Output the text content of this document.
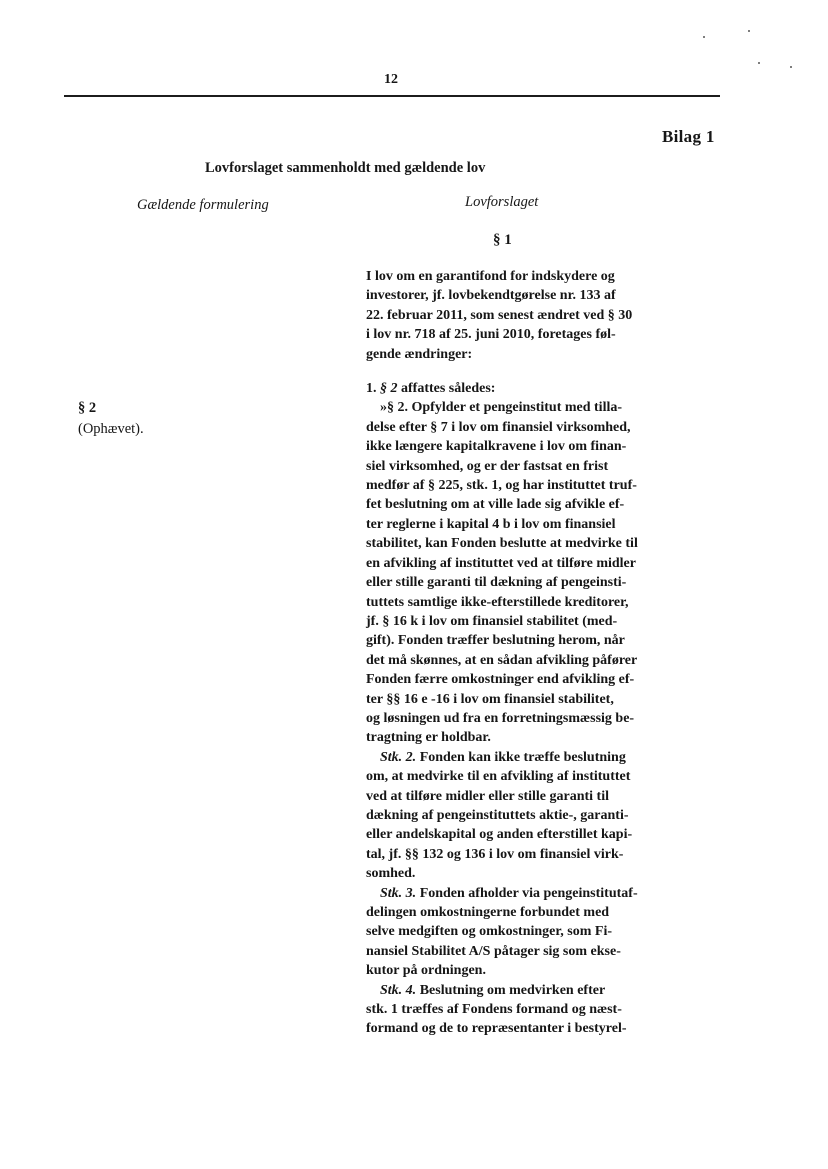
12
Bilag 1
Lovforslaget sammenholdt med gældende lov
Gældende formulering	Lovforslaget
§ 1
§ 2
(Ophævet).
I lov om en garantifond for indskydere og
investorer, jf. lovbekendtgørelse nr. 133 af
22. februar 2011, som senest ændret ved § 30
i lov nr. 718 af 25. juni 2010, foretages føl-
gende ændringer:
1. § 2 affattes således:
»§ 2. Opfylder et pengeinstitut med tilla-
delse efter § 7 i lov om finansiel virksomhed,
ikke længere kapitalkravene i lov om finan-
siel virksomhed, og er der fastsat en frist
medfør af § 225, stk. 1, og har instituttet truf-
fet beslutning om at ville lade sig afvikle ef-
ter reglerne i kapital 4 b i lov om finansiel
stabilitet, kan Fonden beslutte at medvirke til
en afvikling af instituttet ved at tilføre midler
eller stille garanti til dækning af pengeinsti-
tuttets samtlige ikke-efterstillede kreditorer,
jf. § 16 k i lov om finansiel stabilitet (med-
gift). Fonden træffer beslutning herom, når
det må skønnes, at en sådan afvikling påfører
Fonden færre omkostninger end afvikling ef-
ter §§ 16 e -16 i lov om finansiel stabilitet,
og løsningen ud fra en forretningsmæssig be-
tragtning er holdbar.
Stk. 2. Fonden kan ikke træffe beslutning
om, at medvirke til en afvikling af instituttet
ved at tilføre midler eller stille garanti til
dækning af pengeinstituttets aktie-, garanti-
eller andelskapital og anden efterstillet kapi-
tal, jf. §§ 132 og 136 i lov om finansiel virk-
somhed.
Stk. 3. Fonden afholder via pengeinstitutaf-
delingen omkostningerne forbundet med
selve medgiften og omkostninger, som Fi-
nansiel Stabilitet A/S påtager sig som ekse-
kutor på ordningen.
Stk. 4. Beslutning om medvirken efter
stk. 1 træffes af Fondens formand og næst-
formand og de to repræsentanter i bestyrel-
